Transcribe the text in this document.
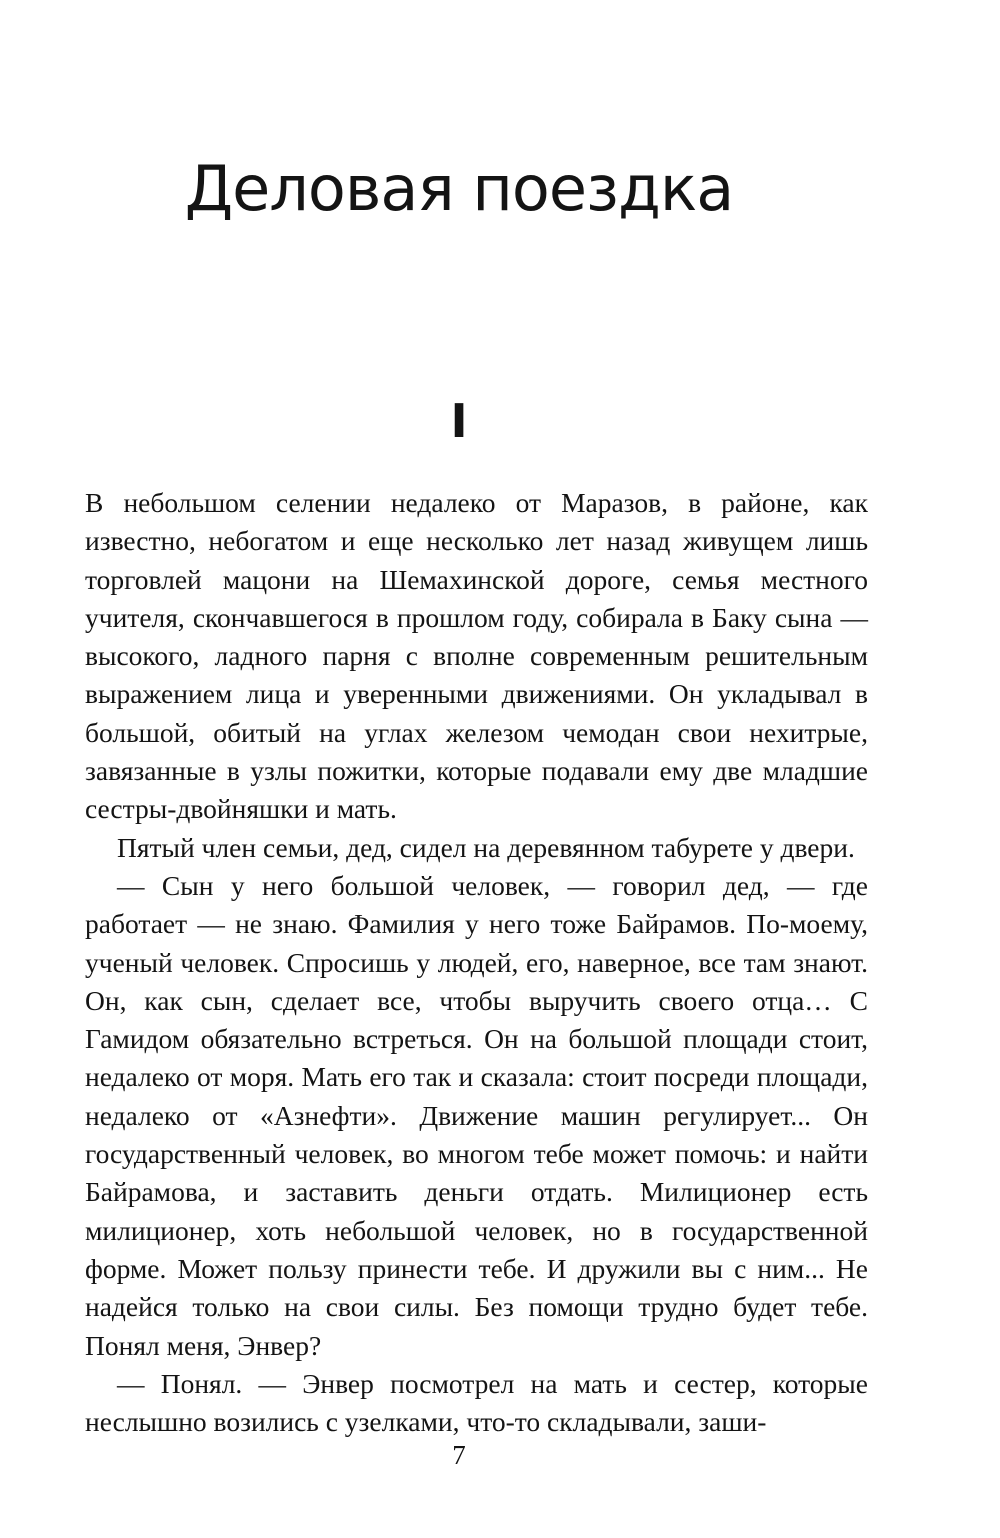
Деловая поездка
I

В небольшом селении недалеко от Маразов, в районе, как известно, небогатом и еще несколько лет назад живущем лишь торговлей мацони на Шемахинской дороге, семья местного учителя, скончавшегося в прошлом году, собирала в Баку сына — высокого, ладного парня с вполне современным решительным выражением лица и уверенными движениями. Он укладывал в большой, обитый на углах железом чемодан свои нехитрые, завязанные в узлы пожитки, которые подавали ему две младшие сестры-двойняшки и мать.

Пятый член семьи, дед, сидел на деревянном табурете у двери.

— Сын у него большой человек, — говорил дед, — где работает — не знаю. Фамилия у него тоже Байрамов. По-моему, ученый человек. Спросишь у людей, его, наверное, все там знают. Он, как сын, сделает все, чтобы выручить своего отца… С Гамидом обязательно встреться. Он на большой площади стоит, недалеко от моря. Мать его так и сказала: стоит посреди площади, недалеко от «Азнефти». Движение машин регулирует... Он государственный человек, во многом тебе может помочь: и найти Байрамова, и заставить деньги отдать. Милиционер есть милиционер, хоть небольшой человек, но в государственной форме. Может пользу принести тебе. И дружили вы с ним... Не надейся только на свои силы. Без помощи трудно будет тебе. Понял меня, Энвер?

— Понял. — Энвер посмотрел на мать и сестер, которые неслышно возились с узелками, что-то складывали, заши-

7
